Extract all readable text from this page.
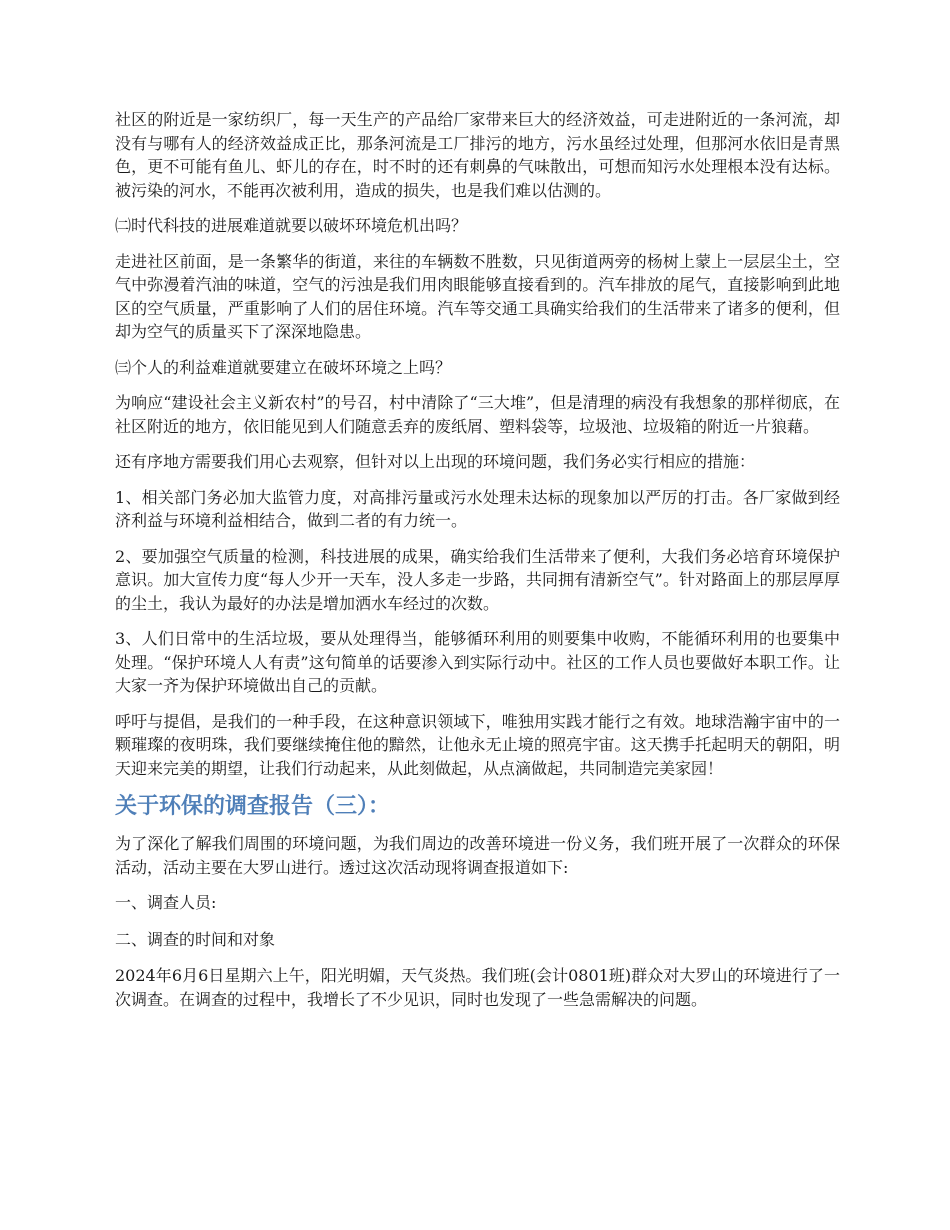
社区的附近是一家纺织厂，每一天生产的产品给厂家带来巨大的经济效益，可走进附近的一条河流，却没有与哪有人的经济效益成正比，那条河流是工厂排污的地方，污水虽经过处理，但那河水依旧是青黑色，更不可能有鱼儿、虾儿的存在，时不时的还有刺鼻的气味散出，可想而知污水处理根本没有达标。被污染的河水，不能再次被利用，造成的损失，也是我们难以估测的。

㈡时代科技的进展难道就要以破坏环境危机出吗？

走进社区前面，是一条繁华的街道，来往的车辆数不胜数，只见街道两旁的杨树上蒙上一层层尘土，空气中弥漫着汽油的味道，空气的污浊是我们用肉眼能够直接看到的。汽车排放的尾气，直接影响到此地区的空气质量，严重影响了人们的居住环境。汽车等交通工具确实给我们的生活带来了诸多的便利，但却为空气的质量买下了深深地隐患。

㈢个人的利益难道就要建立在破坏环境之上吗？

为响应“建设社会主义新农村”的号召，村中清除了“三大堆”，但是清理的病没有我想象的那样彻底，在社区附近的地方，依旧能见到人们随意丢弃的废纸屑、塑料袋等，垃圾池、垃圾箱的附近一片狼藉。

还有序地方需要我们用心去观察，但针对以上出现的环境问题，我们务必实行相应的措施：

1、相关部门务必加大监管力度，对高排污量或污水处理未达标的现象加以严厉的打击。各厂家做到经济利益与环境利益相结合，做到二者的有力统一。

2、要加强空气质量的检测，科技进展的成果，确实给我们生活带来了便利，大我们务必培育环境保护意识。加大宣传力度“每人少开一天车，没人多走一步路，共同拥有清新空气”。针对路面上的那层厚厚的尘土，我认为最好的办法是增加洒水车经过的次数。

3、人们日常中的生活垃圾，要从处理得当，能够循环利用的则要集中收购，不能循环利用的也要集中处理。“保护环境人人有责”这句简单的话要渗入到实际行动中。社区的工作人员也要做好本职工作。让大家一齐为保护环境做出自己的贡献。

呼吁与提倡，是我们的一种手段，在这种意识领域下，唯独用实践才能行之有效。地球浩瀚宇宙中的一颗璀璨的夜明珠，我们要继续掩住他的黯然，让他永无止境的照亮宇宙。这天携手托起明天的朝阳，明天迎来完美的期望，让我们行动起来，从此刻做起，从点滴做起，共同制造完美家园！

关于环保的调查报告（三）：

为了深化了解我们周围的环境问题，为我们周边的改善环境进一份义务，我们班开展了一次群众的环保活动，活动主要在大罗山进行。透过这次活动现将调查报道如下:

一、调查人员:

二、调查的时间和对象

2024年6月6日星期六上午，阳光明媚，天气炎热。我们班(会计0801班)群众对大罗山的环境进行了一次调查。在调查的过程中，我增长了不少见识，同时也发现了一些急需解决的问题。
